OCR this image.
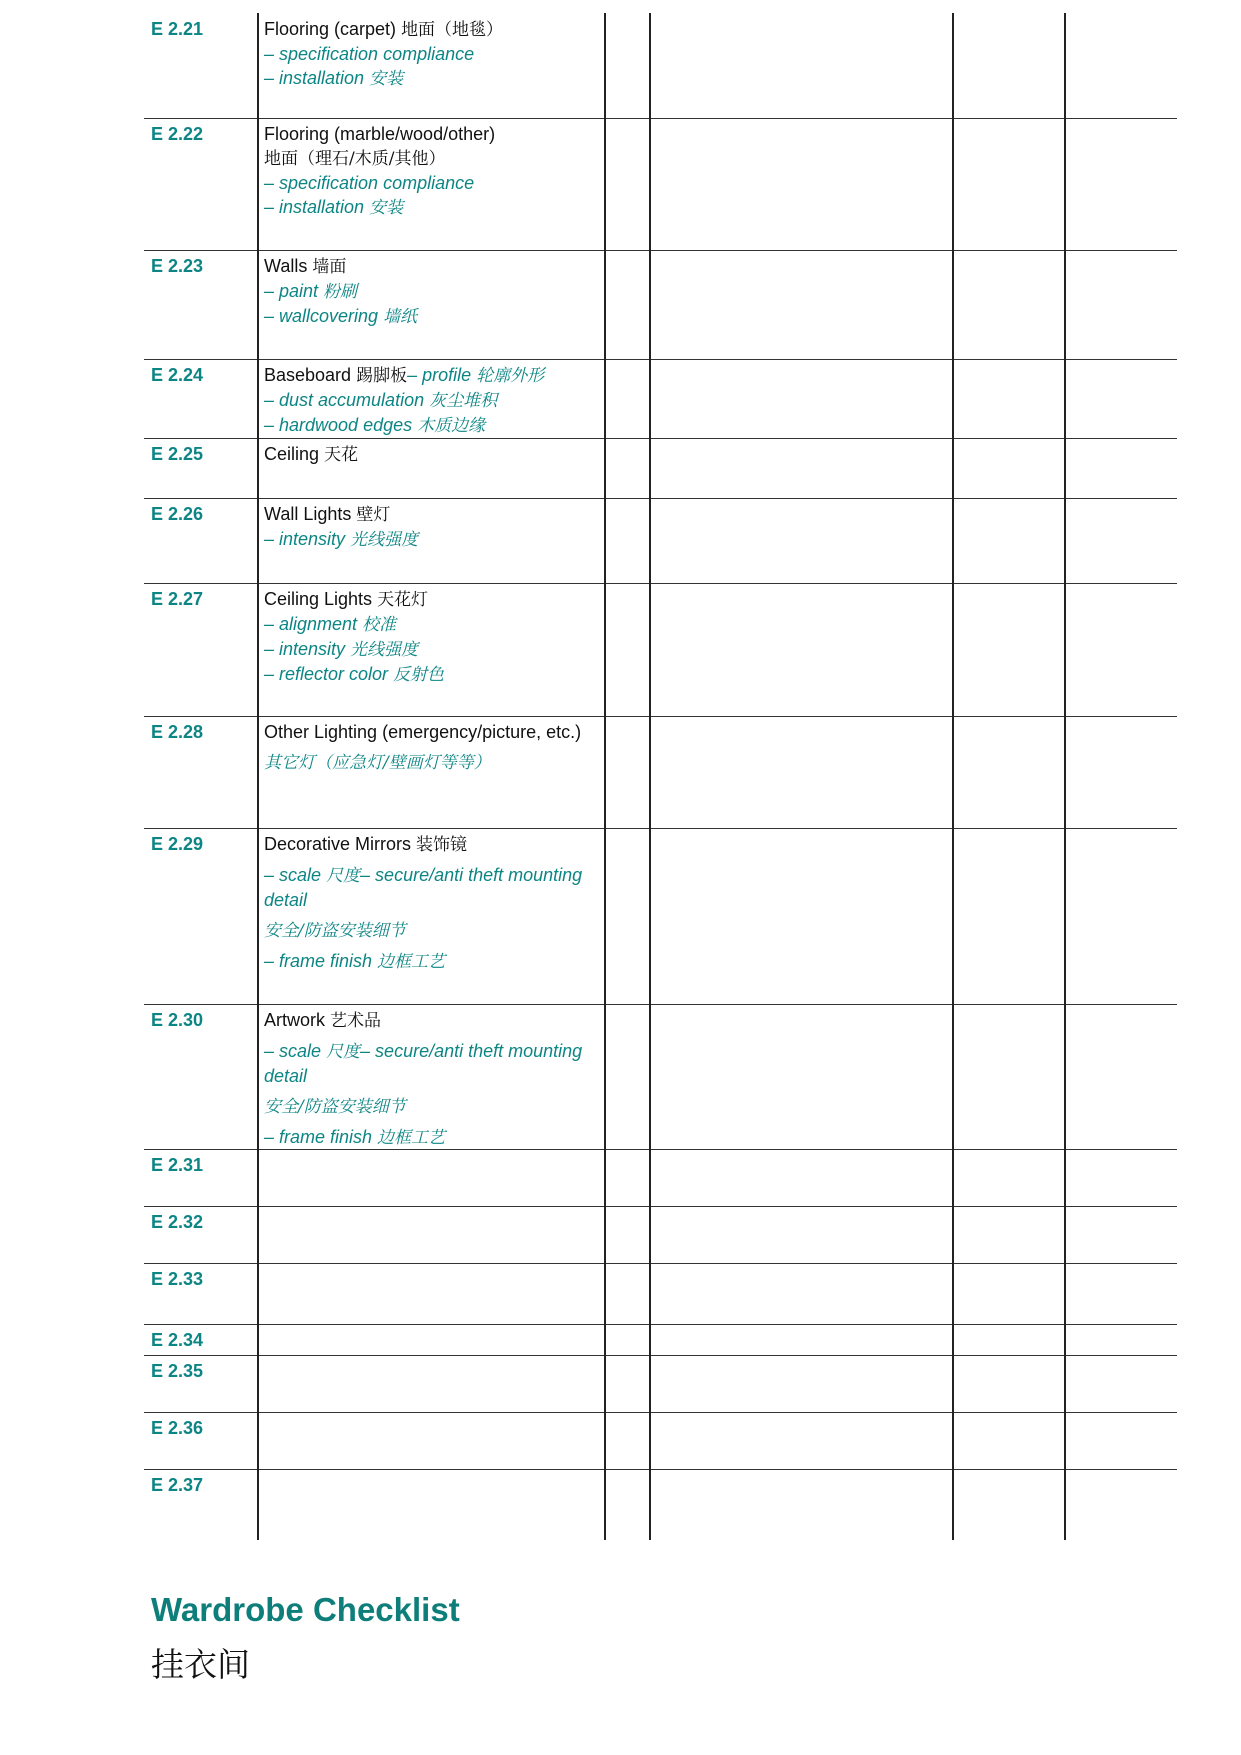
E 2.21	Flooring (carpet) 地面（地毯）
– specification compliance
– installation 安装
E 2.22	Flooring (marble/wood/other)
地面（理石/木质/其他）
– specification compliance
– installation 安装
E 2.23	Walls 墙面
– paint 粉刷
– wallcovering 墙纸
E 2.24	Baseboard 踢脚板– profile 轮廓外形
– dust accumulation 灰尘堆积
– hardwood edges 木质边缘
E 2.25	Ceiling 天花
E 2.26	Wall Lights 壁灯
– intensity 光线强度
E 2.27	Ceiling Lights 天花灯
– alignment 校准
– intensity 光线强度
– reflector color 反射色
E 2.28	Other Lighting (emergency/picture, etc.)
其它灯（应急灯/壁画灯等等）
E 2.29	Decorative Mirrors 装饰镜
– scale 尺度– secure/anti theft mounting detail
安全/防盗安装细节
– frame finish 边框工艺
E 2.30	Artwork 艺术品
– scale 尺度– secure/anti theft mounting detail
安全/防盗安装细节
– frame finish 边框工艺
E 2.31
E 2.32
E 2.33
E 2.34
E 2.35
E 2.36
E 2.37
Wardrobe Checklist
挂衣间
